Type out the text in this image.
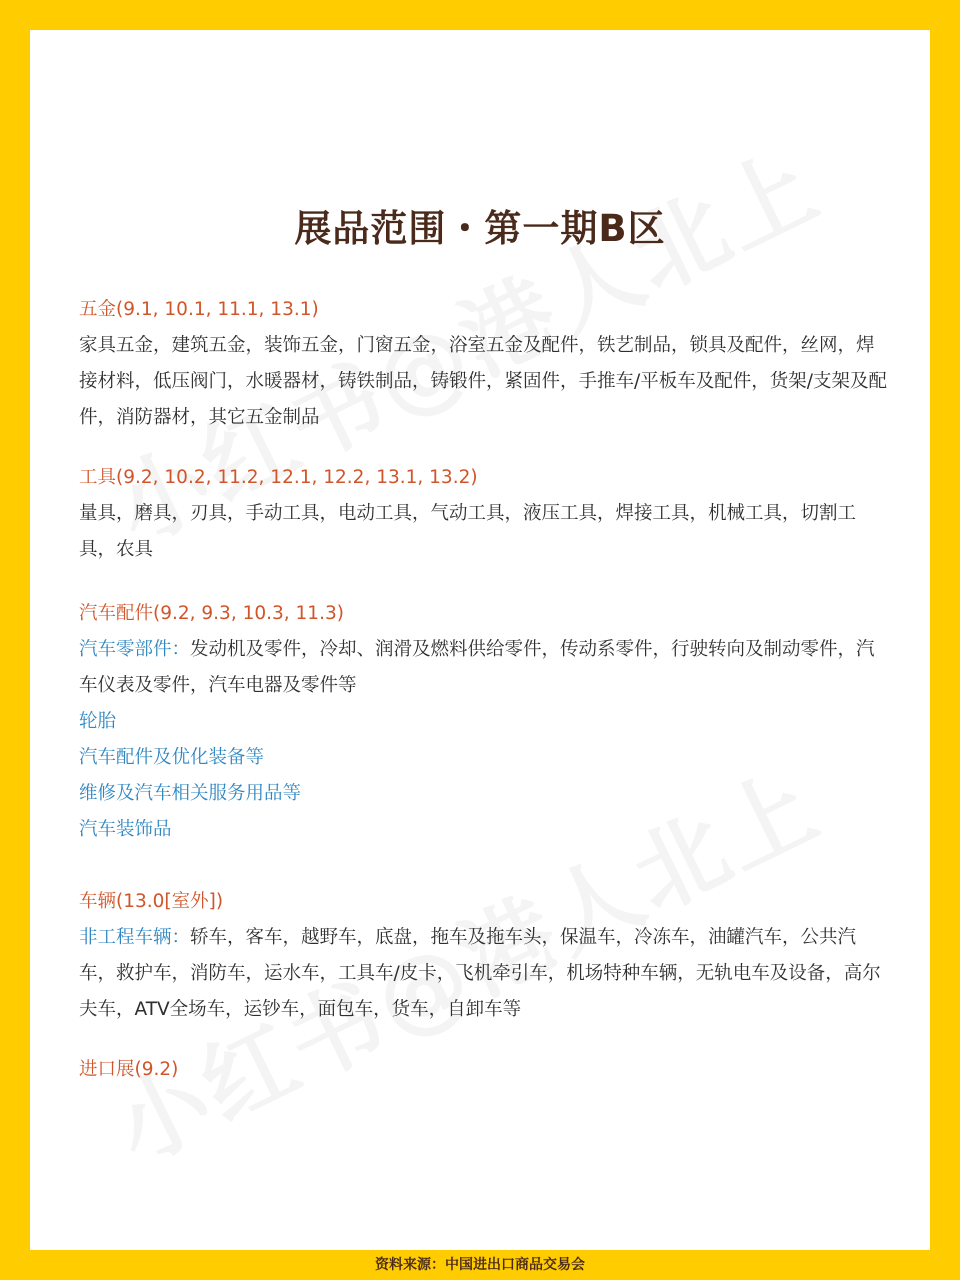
展品范围・第一期B区
五金(9.1, 10.1, 11.1, 13.1)
家具五金，建筑五金，装饰五金，门窗五金，浴室五金及配件，铁艺制品，锁具及配件，丝网，焊接材料，低压阀门，水暖器材，铸铁制品，铸锻件，紧固件，手推车/平板车及配件，货架/支架及配件，消防器材，其它五金制品
工具(9.2, 10.2, 11.2, 12.1, 12.2, 13.1, 13.2)
量具，磨具，刃具，手动工具，电动工具，气动工具，液压工具，焊接工具，机械工具，切割工具，农具
汽车配件(9.2, 9.3, 10.3, 11.3)
汽车零部件：发动机及零件，冷却、润滑及燃料供给零件，传动系零件，行驶转向及制动零件，汽车仪表及零件，汽车电器及零件等
轮胎
汽车配件及优化装备等
维修及汽车相关服务用品等
汽车装饰品
车辆(13.0[室外])
非工程车辆：轿车，客车，越野车，底盘，拖车及拖车头，保温车，冷冻车，油罐汽车，公共汽车，救护车，消防车，运水车，工具车/皮卡，飞机牵引车，机场特种车辆，无轨电车及设备，高尔夫车，ATV全场车，运钞车，面包车，货车，自卸车等
进口展(9.2)
资料来源：中国进出口商品交易会
